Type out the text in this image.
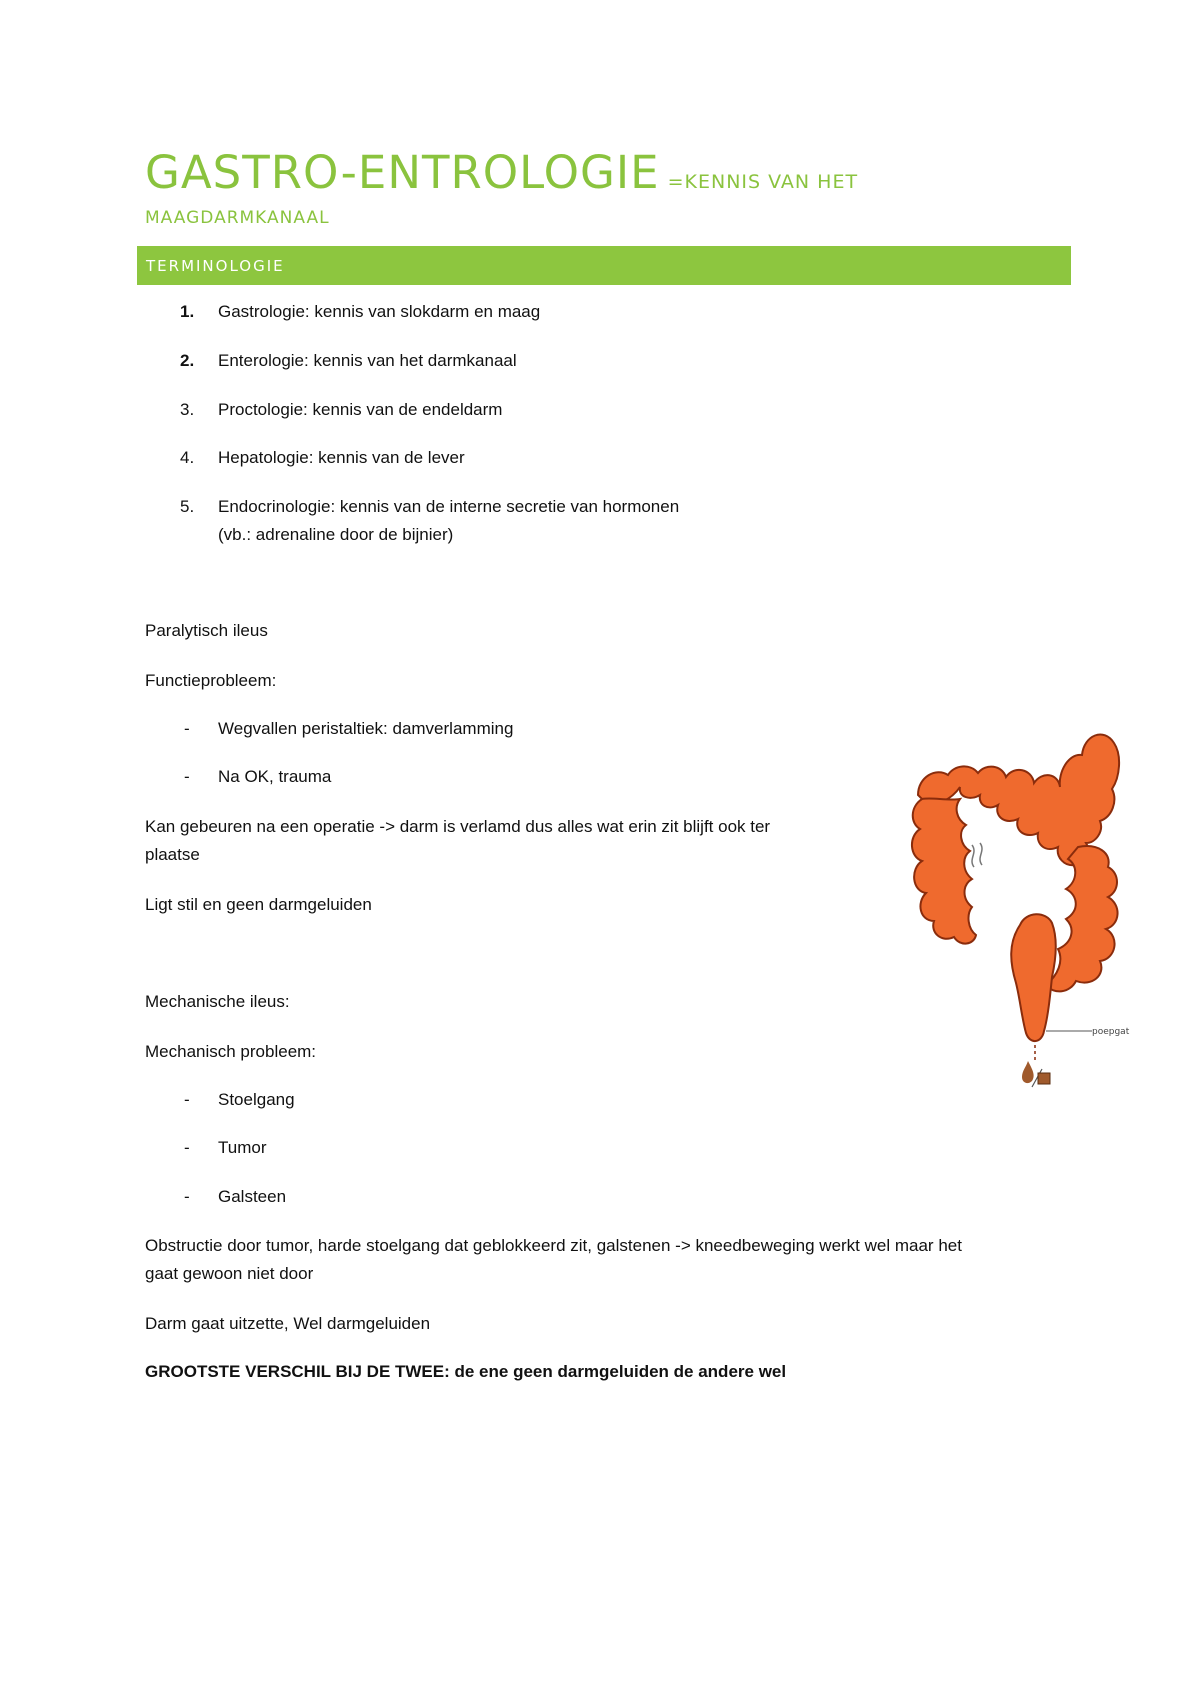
GASTRO-ENTROLOGIE =KENNIS VAN HET
MAAGDARMKANAAL
TERMINOLOGIE
1. Gastrologie: kennis van slokdarm en maag
2. Enterologie: kennis van het darmkanaal
3. Proctologie: kennis van de endeldarm
4. Hepatologie: kennis van de lever
5. Endocrinologie: kennis van de interne secretie van hormonen
(vb.: adrenaline door de bijnier)
Paralytisch ileus
Functieprobleem:
- Wegvallen peristaltiek: damverlamming
- Na OK, trauma
Kan gebeuren na een operatie -> darm is verlamd dus alles wat erin zit blijft ook ter
plaatse
Ligt stil en geen darmgeluiden
Mechanische ileus:
Mechanisch probleem:
- Stoelgang
- Tumor
- Galsteen
Obstructie door tumor, harde stoelgang dat geblokkeerd zit, galstenen -> kneedbeweging werkt wel maar het
gaat gewoon niet door
Darm gaat uitzette, Wel darmgeluiden
GROOTSTE VERSCHIL BIJ DE TWEE: de ene geen darmgeluiden de andere wel
poepgat
